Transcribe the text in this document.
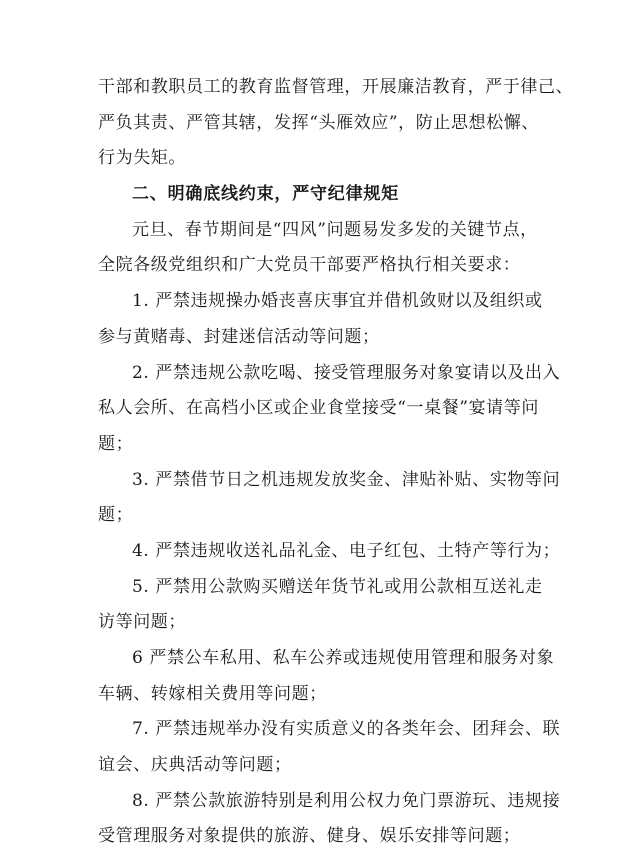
干部和教职员工的教育监督管理，开展廉洁教育，严于律己、
严负其责、严管其辖，发挥“头雁效应”，防止思想松懈、
行为失矩。
二、明确底线约束，严守纪律规矩
元旦、春节期间是“四风”问题易发多发的关键节点，
全院各级党组织和广大党员干部要严格执行相关要求：
1. 严禁违规操办婚丧喜庆事宜并借机敛财以及组织或
参与黄赌毒、封建迷信活动等问题；
2. 严禁违规公款吃喝、接受管理服务对象宴请以及出入
私人会所、在高档小区或企业食堂接受“一桌餐”宴请等问
题；
3. 严禁借节日之机违规发放奖金、津贴补贴、实物等问
题；
4. 严禁违规收送礼品礼金、电子红包、土特产等行为；
5. 严禁用公款购买赠送年货节礼或用公款相互送礼走
访等问题；
6 严禁公车私用、私车公养或违规使用管理和服务对象
车辆、转嫁相关费用等问题；
7. 严禁违规举办没有实质意义的各类年会、团拜会、联
谊会、庆典活动等问题；
8. 严禁公款旅游特别是利用公权力免门票游玩、违规接
受管理服务对象提供的旅游、健身、娱乐安排等问题；
